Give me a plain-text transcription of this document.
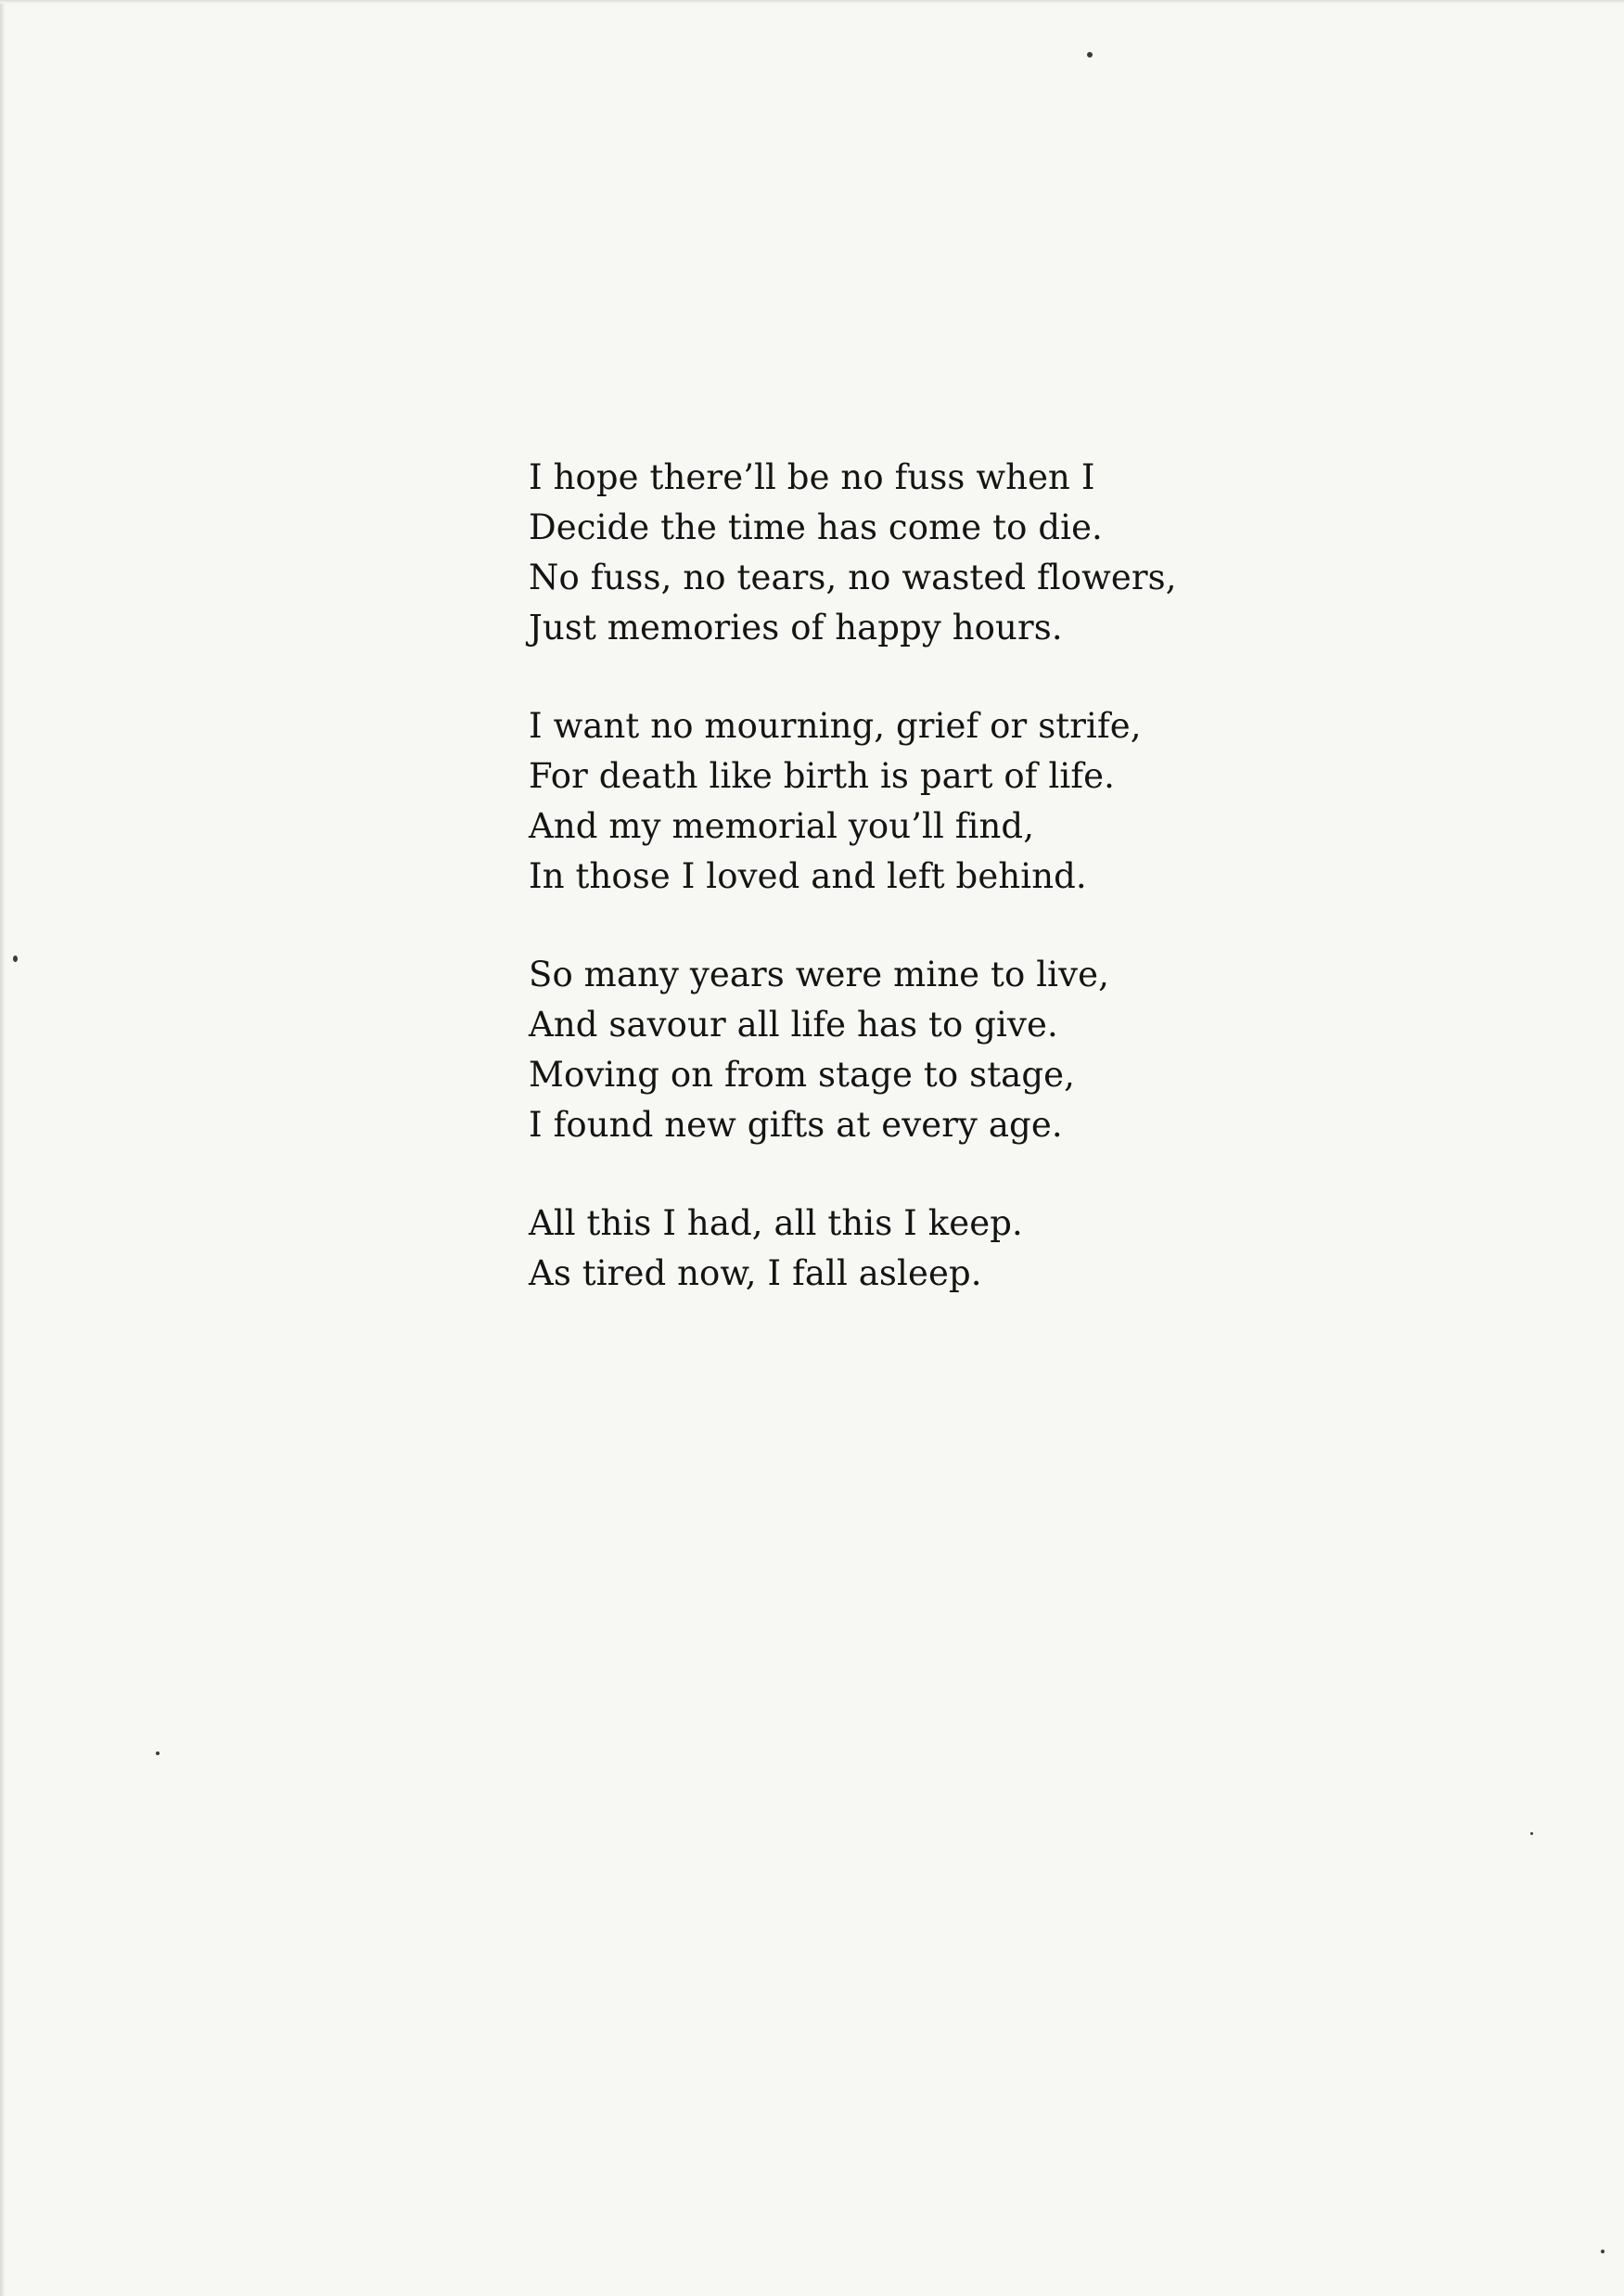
I hope there’ll be no fuss when I
Decide the time has come to die.
No fuss, no tears, no wasted flowers,
Just memories of happy hours.
I want no mourning, grief or strife,
For death like birth is part of life.
And my memorial you’ll find,
In those I loved and left behind.
So many years were mine to live,
And savour all life has to give.
Moving on from stage to stage,
I found new gifts at every age.
All this I had, all this I keep.
As tired now, I fall asleep.
